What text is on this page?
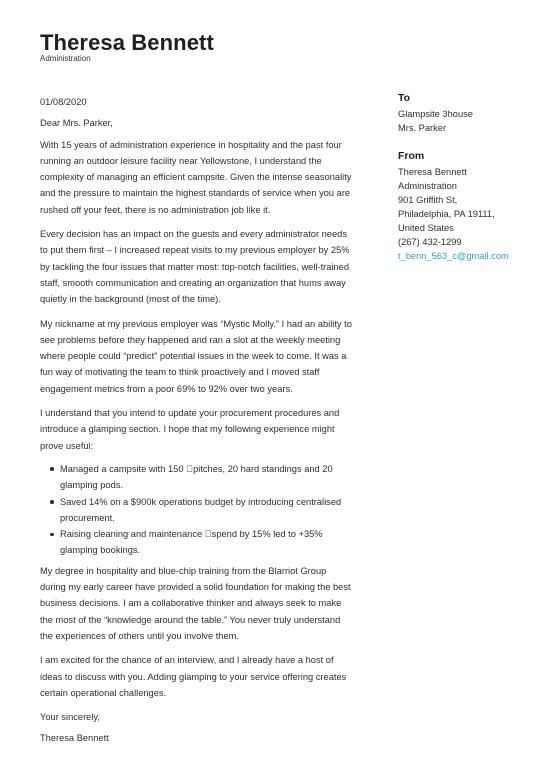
Theresa Bennett
Administration

01/08/2020

Dear Mrs. Parker,

With 15 years of administration experience in hospitality and the past four running an outdoor leisure facility near Yellowstone, I understand the complexity of managing an efficient campsite. Given the intense seasonality and the pressure to maintain the highest standards of service when you are rushed off your feet, there is no administration job like it.

Every decision has an impact on the guests and every administrator needs to put them first – I increased repeat visits to my previous employer by 25% by tackling the four issues that matter most: top-notch facilities, well-trained staff, smooth communication and creating an organization that hums away quietly in the background (most of the time).

My nickname at my previous employer was “Mystic Molly.” I had an ability to see problems before they happened and ran a slot at the weekly meeting where people could “predict” potential issues in the week to come. It was a fun way of motivating the team to think proactively and I moved staff engagement metrics from a poor 69% to 92% over two years.

I understand that you intend to update your procurement procedures and introduce a glamping section. I hope that my following experience might prove useful:

Managed a campsite with 150  pitches, 20 hard standings and 20 glamping pods.
Saved 14% on a $900k operations budget by introducing centralised procurement.
Raising cleaning and maintenance  spend by 15% led to +35% glamping bookings.

My degree in hospitality and blue-chip training from the Blarriot Group during my early career have provided a solid foundation for making the best business decisions. I am a collaborative thinker and always seek to make the most of the “knowledge around the table.” You never truly understand the experiences of others until you involve them.

I am excited for the chance of an interview, and I already have a host of ideas to discuss with you. Adding glamping to your service offering creates certain operational challenges.

Your sincerely,

Theresa Bennett

To
Glampsite 3house
Mrs. Parker
From
Theresa Bennett
Administration
901 Griffith St,
Philadelphia, PA 19111,
United States
(267) 432-1299
t_benn_563_c@gmail.com
